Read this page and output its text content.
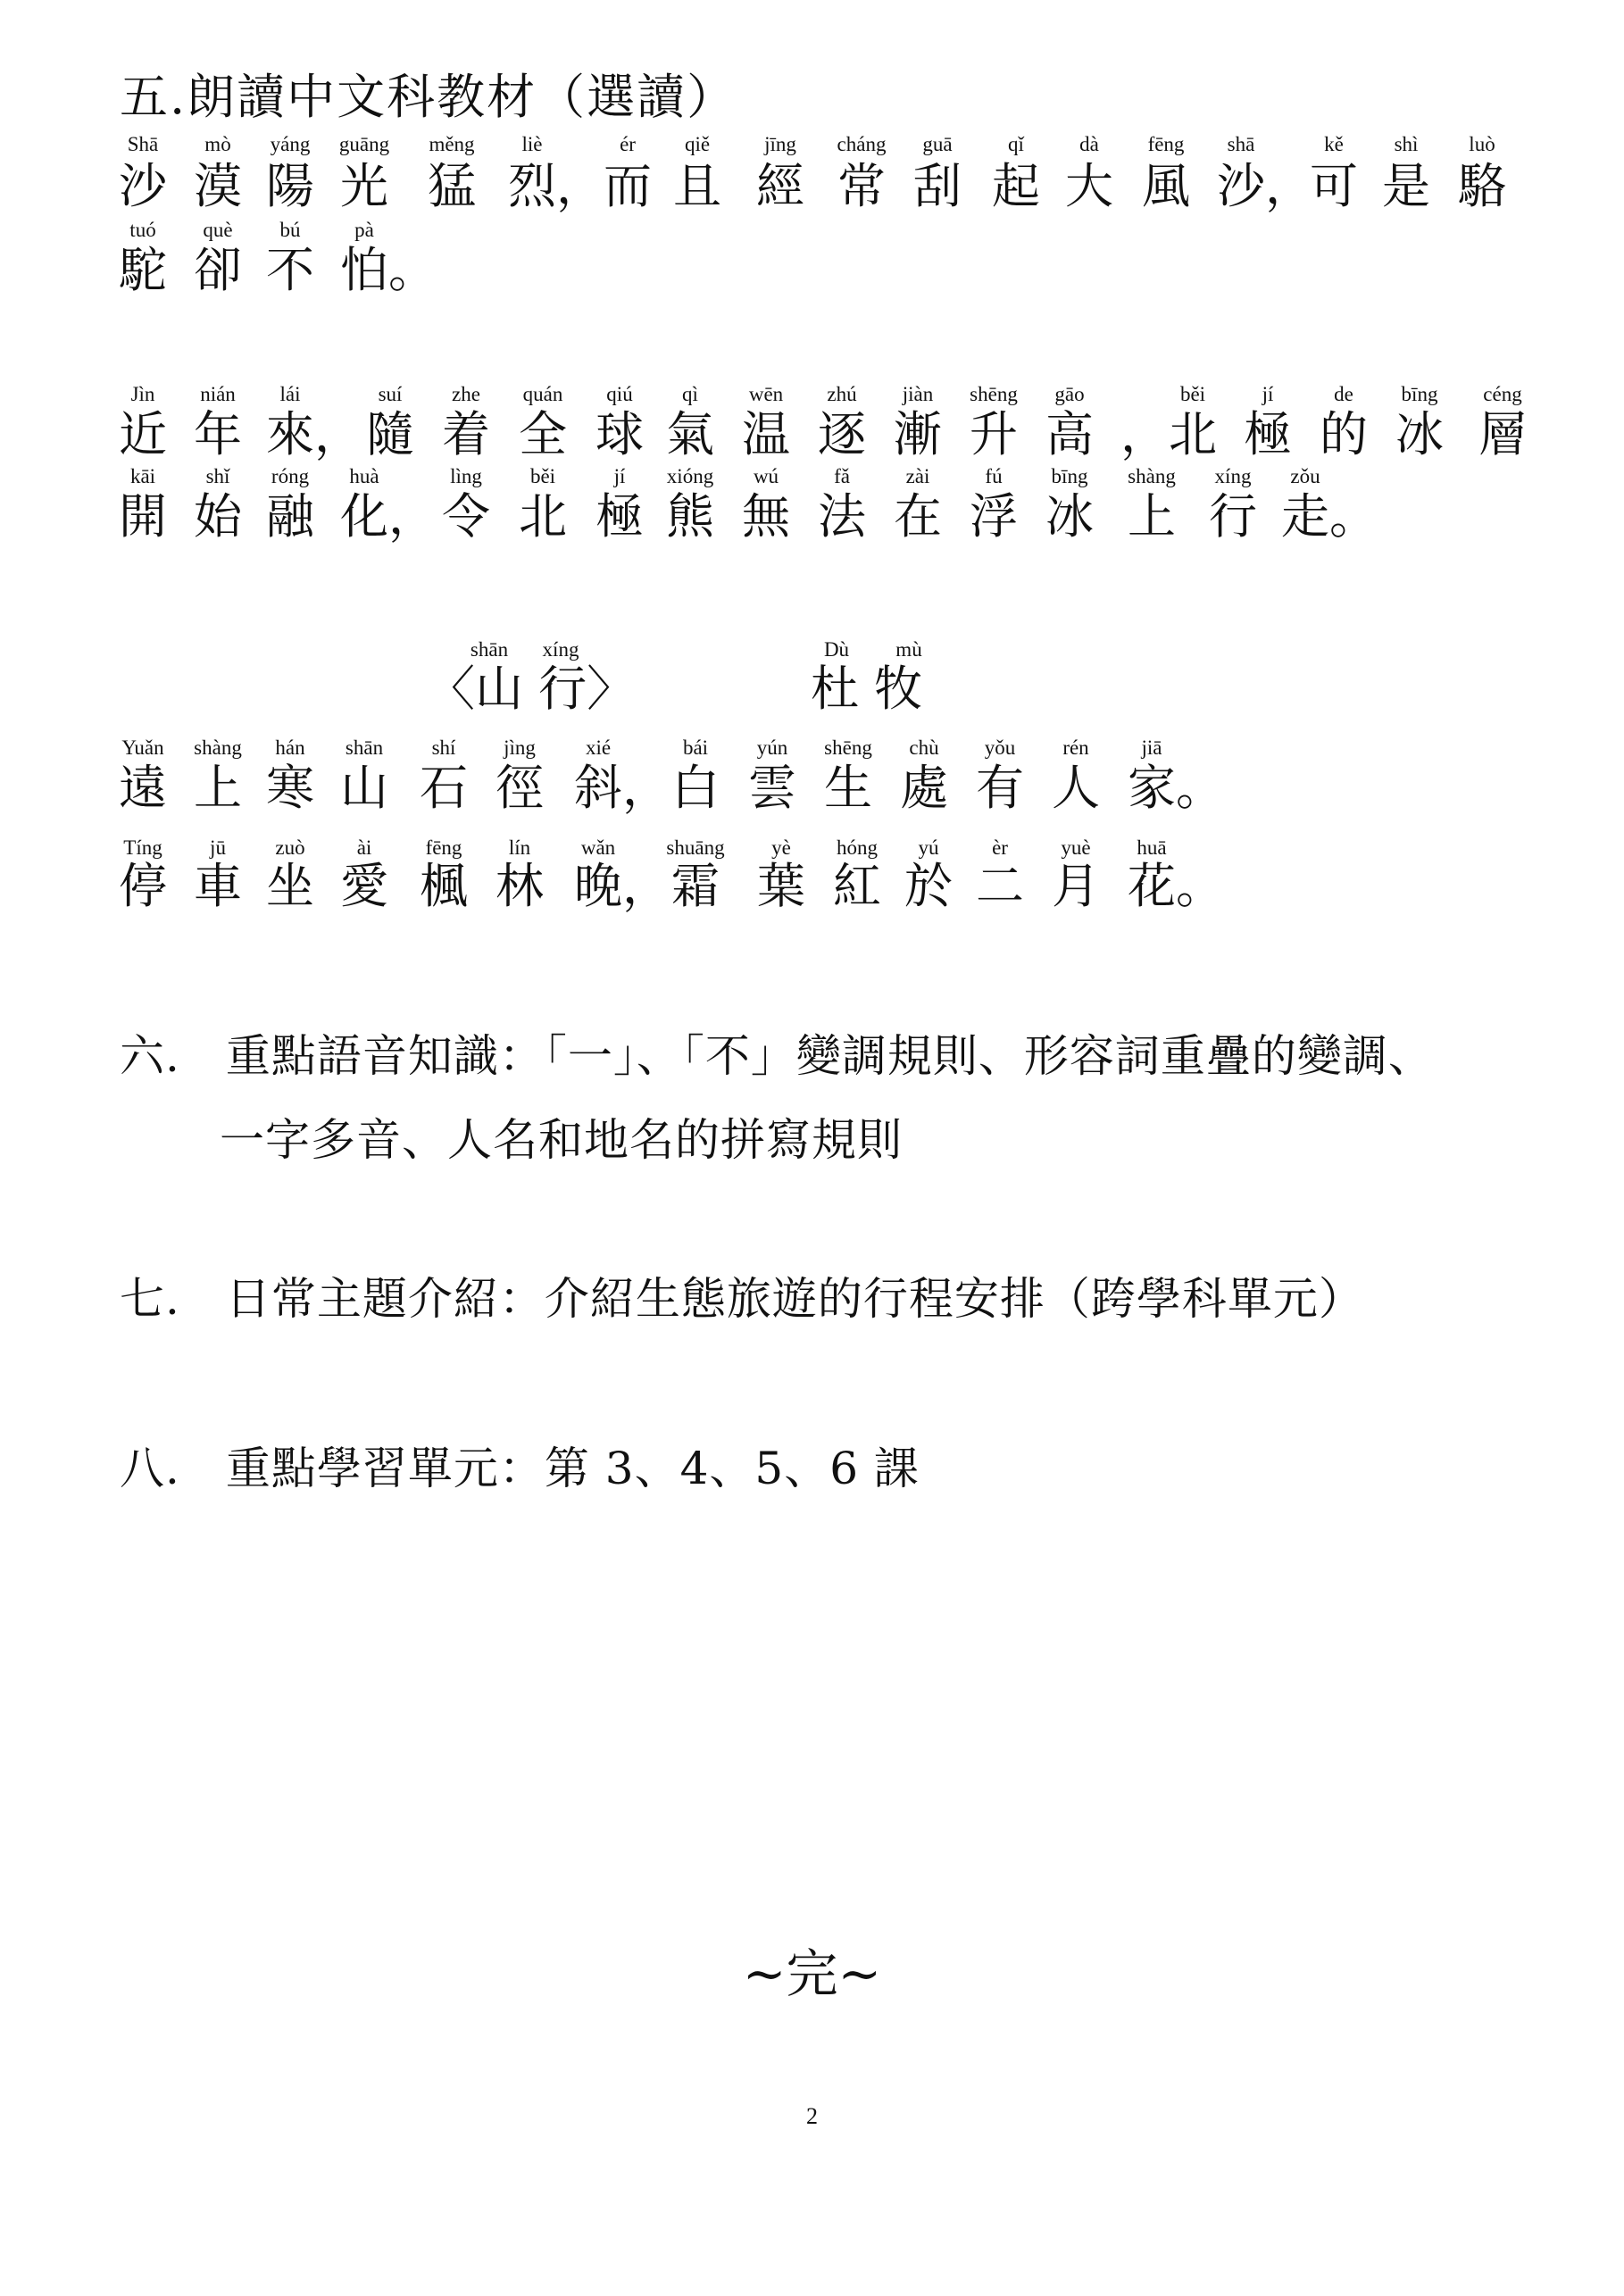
五.朗讀中文科教材（選讀）
Shā mò yáng guāng měng liè	ér qiě	jīng cháng guā	qǐ	dà fēng shā	kě shì luò
沙 漠 陽 光 猛 烈， 而 且 經 常 刮 起 大 風 沙，
可 是 駱
tuó què bú	pà
駝 卻 不 怕。
Jìn nián lái	suí zhe quán qiú qì wēn zhú jiàn shēng gāo	běi	jí	de bīng céng
近 年 來， 隨 着 全 球 氣 温 逐 漸 升 高 ，北 極 的 冰 層
kāi shǐ róng huà	lìng běi	jí xióng wú	fǎ	zài	fú bīng shàng xíng zǒu
開 始 融 化， 令 北 極 熊 無 法 在 浮 冰 上 行 走。
shān xíng	Dù mù
〈山 行〉	杜 牧
Yuǎn shàng hán shān shí jìng xié	bái yún shēng chù yǒu rén	jiā
遠 上 寒 山 石 徑 斜， 白 雲 生 處 有 人 家。
Tíng jū zuò	ài	fēng lín wǎn shuāng yè hóng yú	èr	yuè huā
停 車 坐 愛 楓 林 晚， 霜 葉 紅 於 二 月 花。
六.　重點語音知識：「一」、「不」變調規則、形容詞重疊的變調、
一字多音、人名和地名的拼寫規則
七.　日常主題介紹：介紹生態旅遊的行程安排（跨學科單元）
八.　重點學習單元：第 3、4、5、6 課
~完~
2
